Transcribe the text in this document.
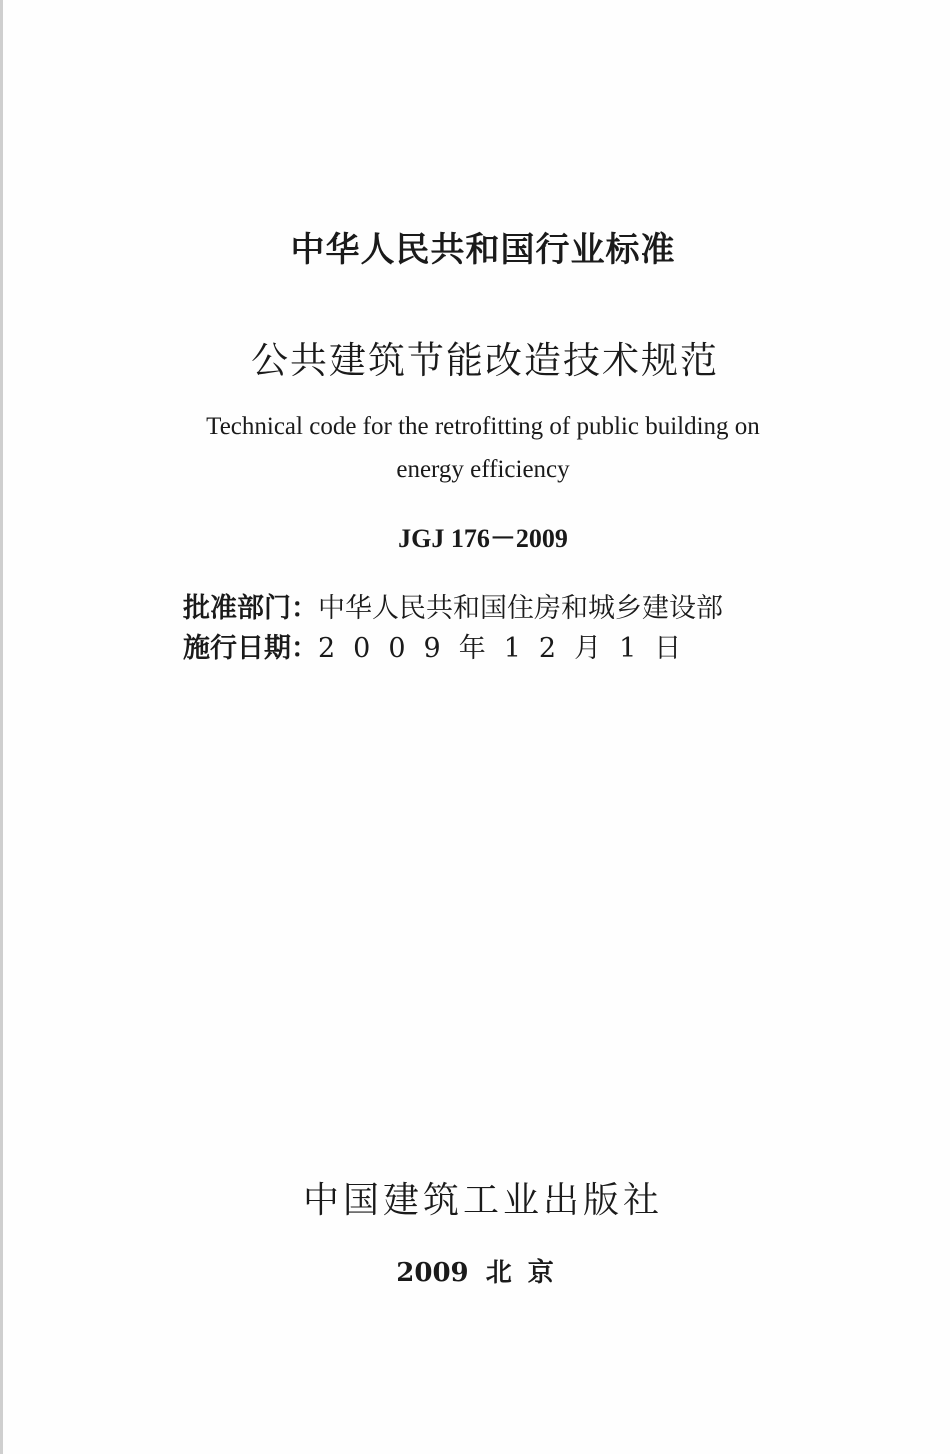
中华人民共和国行业标准
公共建筑节能改造技术规范
Technical code for the retrofitting of public building on
energy efficiency
JGJ 176－2009
批准部门：中华人民共和国住房和城乡建设部
施行日期：2009年12月1日
中国建筑工业出版社
2009 北京
